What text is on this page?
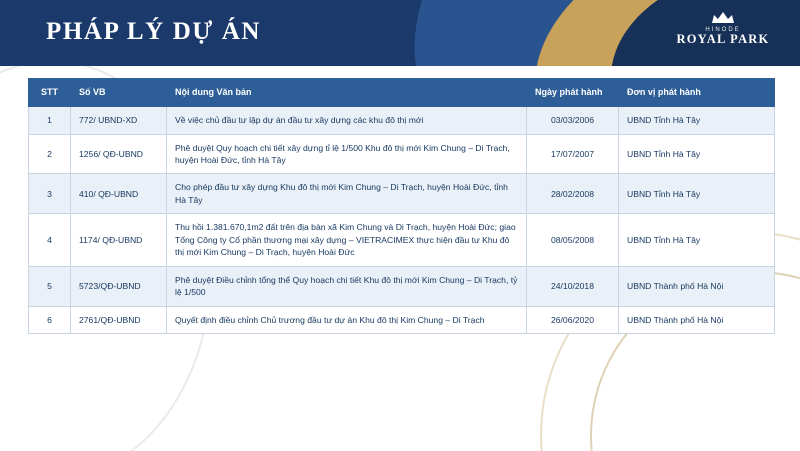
PHÁP LÝ DỰ ÁN	HINODE
ROYAL PARK
STT	Số VB	Nội dung Văn bản	Ngày phát hành	Đơn vị phát hành
1	772/ UBND-XD	Về việc chủ đầu tư lập dự án đầu tư xây dựng các khu đô thị mới	03/03/2006	UBND Tỉnh Hà Tây
2	1256/ QĐ-UBND	Phê duyệt Quy hoạch chi tiết xây dựng tỉ lệ 1/500 Khu đô thị mới Kim Chung – Di Trạch, huyện Hoài Đức, tỉnh Hà Tây	17/07/2007	UBND Tỉnh Hà Tây
3	410/ QĐ-UBND	Cho phép đầu tư xây dựng Khu đô thị mới Kim Chung – Di Trạch, huyện Hoài Đức, tỉnh Hà Tây	28/02/2008	UBND Tỉnh Hà Tây
4	1174/ QĐ-UBND	Thu hồi 1.381.670,1m2 đất trên địa bàn xã Kim Chung và Di Trạch, huyện Hoài Đức; giao Tổng Công ty Cổ phần thương mại xây dựng – VIETRACIMEX thực hiện đầu tư Khu đô thị mới Kim Chung – Di Trạch, huyện Hoài Đức	08/05/2008	UBND Tỉnh Hà Tây
5	5723/QĐ-UBND	Phê duyệt Điều chỉnh tổng thể Quy hoạch chi tiết Khu đô thị mới Kim Chung – Di Trạch, tỷ lệ 1/500	24/10/2018	UBND Thành phố Hà Nội
6	2761/QĐ-UBND	Quyết định điều chỉnh Chủ trương đầu tư dự án Khu đô thị Kim Chung – Di Trạch	26/06/2020	UBND Thành phố Hà Nội
